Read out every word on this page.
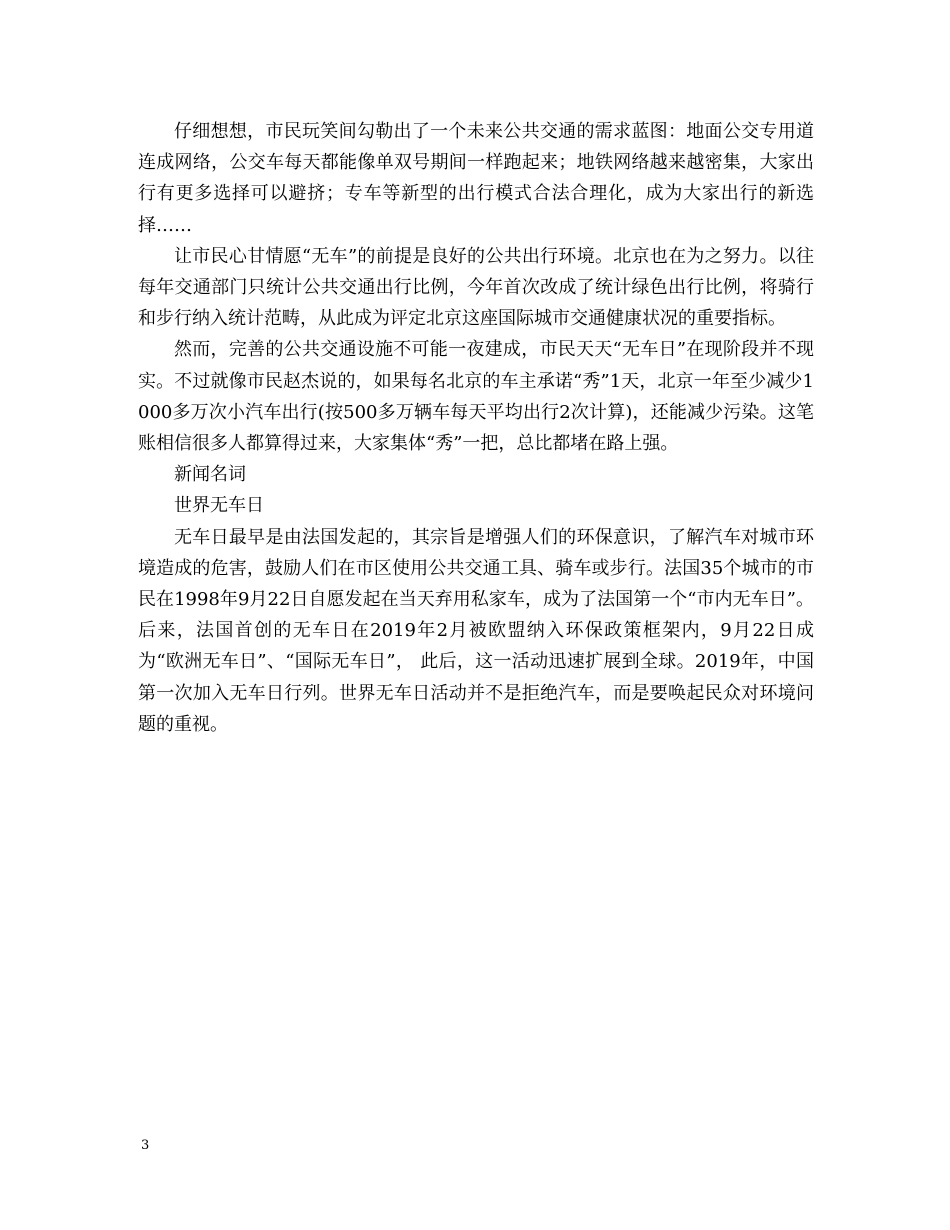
仔细想想，市民玩笑间勾勒出了一个未来公共交通的需求蓝图：地面公交专用道连成网络，公交车每天都能像单双号期间一样跑起来；地铁网络越来越密集，大家出行有更多选择可以避挤；专车等新型的出行模式合法合理化，成为大家出行的新选择……

让市民心甘情愿“无车”的前提是良好的公共出行环境。北京也在为之努力。以往每年交通部门只统计公共交通出行比例，今年首次改成了统计绿色出行比例，将骑行和步行纳入统计范畴，从此成为评定北京这座国际城市交通健康状况的重要指标。

然而，完善的公共交通设施不可能一夜建成，市民天天“无车日”在现阶段并不现实。不过就像市民赵杰说的，如果每名北京的车主承诺“秀”1天，北京一年至少减少1000多万次小汽车出行(按500多万辆车每天平均出行2次计算)，还能减少污染。这笔账相信很多人都算得过来，大家集体“秀”一把，总比都堵在路上强。

新闻名词

世界无车日

无车日最早是由法国发起的，其宗旨是增强人们的环保意识，了解汽车对城市环境造成的危害，鼓励人们在市区使用公共交通工具、骑车或步行。法国35个城市的市民在1998年9月22日自愿发起在当天弃用私家车，成为了法国第一个“市内无车日”。后来，法国首创的无车日在2019年2月被欧盟纳入环保政策框架内，9月22日成为“欧洲无车日”、“国际无车日”， 此后，这一活动迅速扩展到全球。2019年，中国第一次加入无车日行列。世界无车日活动并不是拒绝汽车，而是要唤起民众对环境问题的重视。

3
